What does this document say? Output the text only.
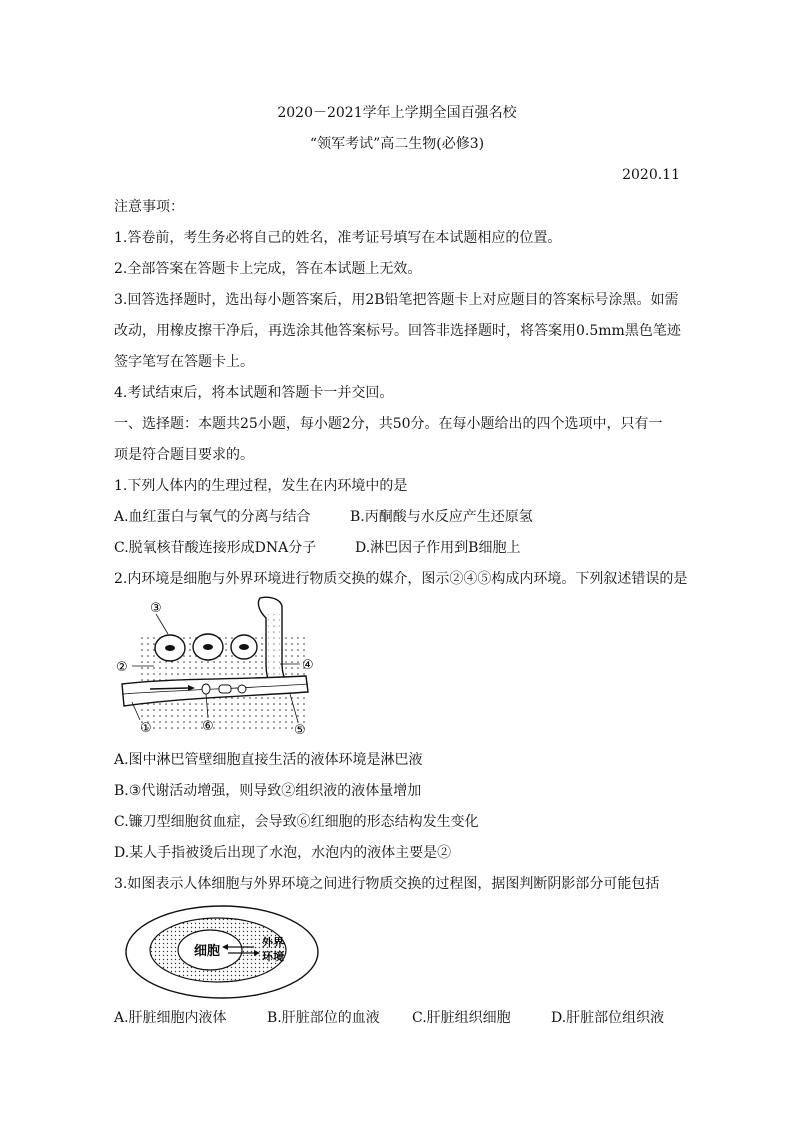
2020－2021学年上学期全国百强名校
“领军考试”高二生物(必修3)
2020.11
注意事项：
1.答卷前，考生务必将自己的姓名，准考证号填写在本试题相应的位置。
2.全部答案在答题卡上完成，答在本试题上无效。
3.回答选择题时，选出每小题答案后，用2B铅笔把答题卡上对应题目的答案标号涂黑。如需
改动，用橡皮擦干净后，再选涂其他答案标号。回答非选择题时，将答案用0.5mm黑色笔迹
签字笔写在答题卡上。
4.考试结束后，将本试题和答题卡一并交回。
一、选择题：本题共25小题，每小题2分，共50分。在每小题给出的四个选项中，只有一
项是符合题目要求的。
1.下列人体内的生理过程，发生在内环境中的是
A.血红蛋白与氧气的分离与结合	B.丙酮酸与水反应产生还原氢
C.脱氧核苷酸连接形成DNA分子	D.淋巴因子作用到B细胞上
2.内环境是细胞与外界环境进行物质交换的媒介，图示②④⑤构成内环境。下列叙述错误的是
③
②	④
①	⑥	⑤
A.图中淋巴管壁细胞直接生活的液体环境是淋巴液
B.③代谢活动增强，则导致②组织液的液体量增加
C.镰刀型细胞贫血症，会导致⑥红细胞的形态结构发生变化
D.某人手指被烫后出现了水泡，水泡内的液体主要是②
3.如图表示人体细胞与外界环境之间进行物质交换的过程图，据图判断阴影部分可能包括
细胞
外界
环境
A.肝脏细胞内液体	B.肝脏部位的血液 C.肝脏组织细胞	D.肝脏部位组织液
